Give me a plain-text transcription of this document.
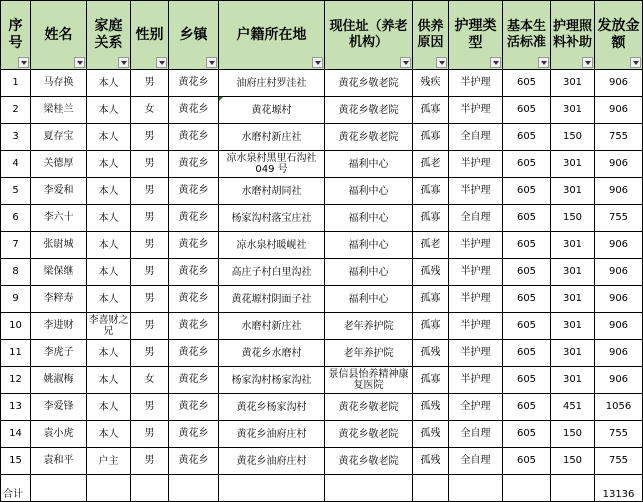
序号	姓名	家庭关系	性别	乡镇	户籍所在地	现住址（养老机构）	供养原因	护理类型	基本生活标准	护理照料补助	发放金额

1	马存换	本人	男	黄花乡	油府庄村罗洼社	黄花乡敬老院	残疾	半护理	605	301	906
2	梁桂兰	本人	女	黄花乡	黄花塬村	黄花乡敬老院	孤寡	半护理	605	301	906
3	夏存宝	本人	男	黄花乡	水磨村新庄社	黄花乡敬老院	孤寡	全自理	605	150	755
4	关德厚	本人	男	黄花乡	凉水泉村黑里石沟社049 号	福利中心	孤老	半护理	605	301	906
5	李爱和	本人	男	黄花乡	水磨村胡同社	福利中心	孤寡	半护理	605	301	906
6	李六十	本人	男	黄花乡	杨家沟村落宝庄社	福利中心	孤寡	全自理	605	150	755
7	张尉城	本人	男	黄花乡	凉水泉村暖岘社	福利中心	孤老	半护理	605	301	906
8	梁保继	本人	男	黄花乡	高庄子村白里沟社	福利中心	孤残	半护理	605	301	906
9	李粹寿	本人	男	黄花乡	黄花塬村阴面子社	福利中心	孤寡	半护理	605	301	906
10	李进财	李喜财之兄	男	黄花乡	水磨村新庄社	老年养护院	孤寡	半护理	605	301	906
11	李虎子	本人	男	黄花乡	黄花乡水磨村	老年养护院	孤残	半护理	605	301	906
12	姚淑梅	本人	女	黄花乡	杨家沟村杨家沟社	景信县怡养精神康复医院	孤寡	半护理	605	301	906
13	李爱锋	本人	男	黄花乡	黄花乡杨家沟村	黄花乡敬老院	孤残	全护理	605	451	1056
14	袁小虎	本人	男	黄花乡	黄花乡油府庄村	黄花乡敬老院	孤残	全自理	605	150	755
15	袁和平	户主	男	黄花乡	黄花乡油府庄村	黄花乡敬老院	孤残	全自理	605	150	755
合计											13136
